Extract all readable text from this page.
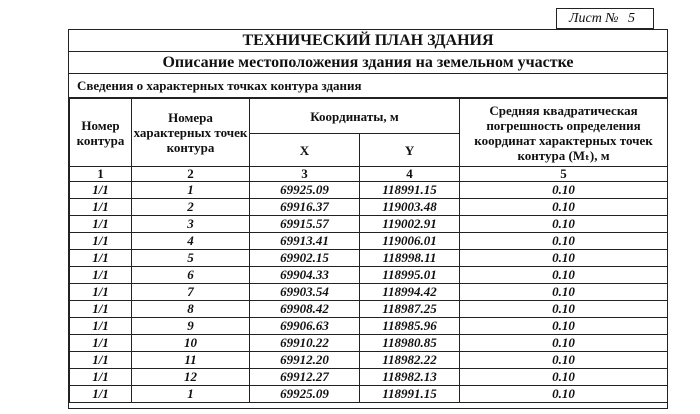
Лист № 5
ТЕХНИЧЕСКИЙ ПЛАН ЗДАНИЯ
Описание местоположения здания на земельном участке
Сведения о характерных точках контура здания
Номер контура	Номера характерных точек контура	Координаты, м		Средняя квадратическая погрешность определения координат характерных точек контура (Mₜ), м
		X	Y	
1	2	3	4	5
1/1	1	69925.09	118991.15	0.10
1/1	2	69916.37	119003.48	0.10
1/1	3	69915.57	119002.91	0.10
1/1	4	69913.41	119006.01	0.10
1/1	5	69902.15	118998.11	0.10
1/1	6	69904.33	118995.01	0.10
1/1	7	69903.54	118994.42	0.10
1/1	8	69908.42	118987.25	0.10
1/1	9	69906.63	118985.96	0.10
1/1	10	69910.22	118980.85	0.10
1/1	11	69912.20	118982.22	0.10
1/1	12	69912.27	118982.13	0.10
1/1	1	69925.09	118991.15	0.10
